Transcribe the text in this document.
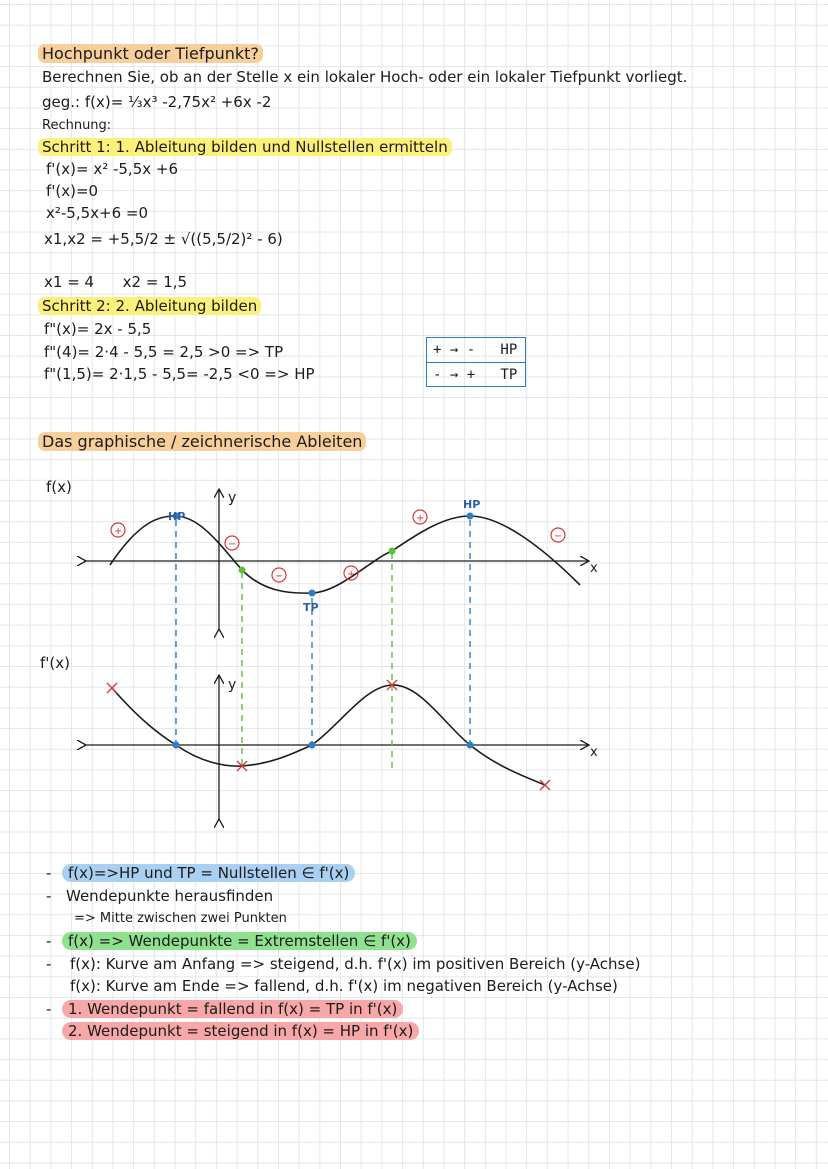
Hochpunkt oder Tiefpunkt?
Berechnen Sie, ob an der Stelle x ein lokaler Hoch- oder ein lokaler Tiefpunkt vorliegt.
geg.: f(x)= ⅓x³ -2,75x² +6x -2
Rechnung:
Schritt 1: 1. Ableitung bilden und Nullstellen ermitteln
f'(x)= x² -5,5x +6
f'(x)=0
x²-5,5x+6 =0
x1,x2 = +5,5/2 ± √((5,5/2)² - 6)
x1 = 4      x2 = 1,5
Schritt 2: 2. Ableitung bilden
f"(x)= 2x - 5,5
f"(4)= 2·4 - 5,5 = 2,5 >0 => TP
f"(1,5)= 2·1,5 - 5,5= -2,5 <0 => HP
+ → -   HP
- → +   TP
Das graphische / zeichnerische Ableiten
+
−
−	+
+
−
f(x)
f'(x)
y
y
x
x
HP
HP
TP
-	f(x)=>HP und TP = Nullstellen ∈ f'(x)
- Wendepunkte herausfinden
=> Mitte zwischen zwei Punkten
-	f(x) => Wendepunkte = Extremstellen ∈ f'(x)
- f(x): Kurve am Anfang => steigend, d.h. f'(x) im positiven Bereich (y-Achse)
f(x): Kurve am Ende => fallend, d.h. f'(x) im negativen Bereich (y-Achse)
-	1. Wendepunkt = fallend in f(x) = TP in f'(x)
2. Wendepunkt = steigend in f(x) = HP in f'(x)
